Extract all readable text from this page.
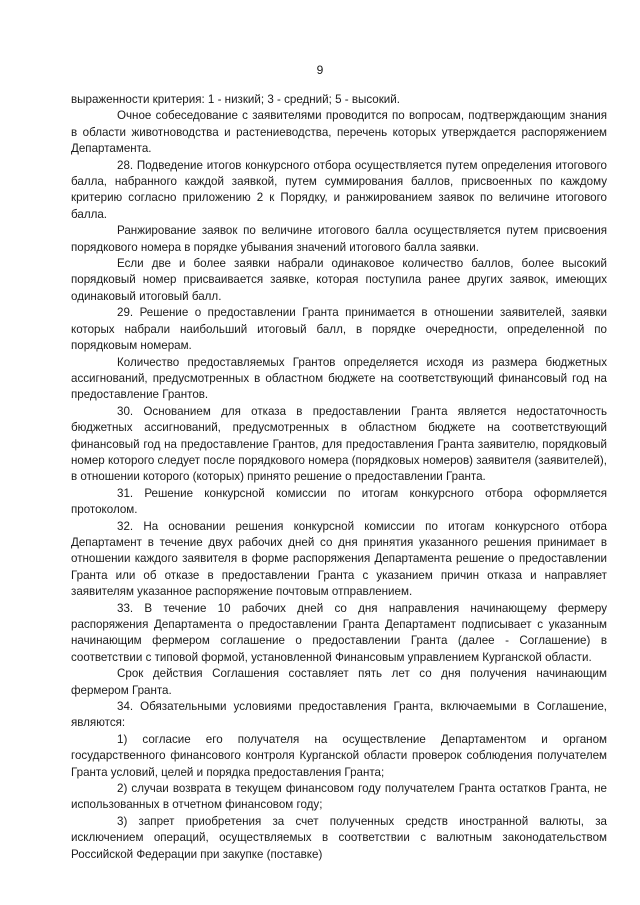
9

выраженности критерия: 1 - низкий; 3 - средний; 5 - высокий.

Очное собеседование с заявителями проводится по вопросам, подтверждающим знания в области животноводства и растениеводства, перечень которых утверждается распоряжением Департамента.

28. Подведение итогов конкурсного отбора осуществляется путем определения итогового балла, набранного каждой заявкой, путем суммирования баллов, присвоенных по каждому критерию согласно приложению 2 к Порядку, и ранжированием заявок по величине итогового балла.

Ранжирование заявок по величине итогового балла осуществляется путем присвоения порядкового номера в порядке убывания значений итогового балла заявки.

Если две и более заявки набрали одинаковое количество баллов, более высокий порядковый номер присваивается заявке, которая поступила ранее других заявок, имеющих одинаковый итоговый балл.

29. Решение о предоставлении Гранта принимается в отношении заявителей, заявки которых набрали наибольший итоговый балл, в порядке очередности, определенной по порядковым номерам.

Количество предоставляемых Грантов определяется исходя из размера бюджетных ассигнований, предусмотренных в областном бюджете на соответствующий финансовый год на предоставление Грантов.

30. Основанием для отказа в предоставлении Гранта является недостаточность бюджетных ассигнований, предусмотренных в областном бюджете на соответствующий финансовый год на предоставление Грантов, для предоставления Гранта заявителю, порядковый номер которого следует после порядкового номера (порядковых номеров) заявителя (заявителей), в отношении которого (которых) принято решение о предоставлении Гранта.

31. Решение конкурсной комиссии по итогам конкурсного отбора оформляется протоколом.

32. На основании решения конкурсной комиссии по итогам конкурсного отбора Департамент в течение двух рабочих дней со дня принятия указанного решения принимает в отношении каждого заявителя в форме распоряжения Департамента решение о предоставлении Гранта или об отказе в предоставлении Гранта с указанием причин отказа и направляет заявителям указанное распоряжение почтовым отправлением.

33. В течение 10 рабочих дней со дня направления начинающему фермеру распоряжения Департамента о предоставлении Гранта Департамент подписывает с указанным начинающим фермером соглашение о предоставлении Гранта (далее - Соглашение) в соответствии с типовой формой, установленной Финансовым управлением Курганской области.

Срок действия Соглашения составляет пять лет со дня получения начинающим фермером Гранта.

34. Обязательными условиями предоставления Гранта, включаемыми в Соглашение, являются:

1) согласие его получателя на осуществление Департаментом и органом государственного финансового контроля Курганской области проверок соблюдения получателем Гранта условий, целей и порядка предоставления Гранта;

2) случаи возврата в текущем финансовом году получателем Гранта остатков Гранта, не использованных в отчетном финансовом году;

3) запрет приобретения за счет полученных средств иностранной валюты, за исключением операций, осуществляемых в соответствии с валютным законодательством Российской Федерации при закупке (поставке)
